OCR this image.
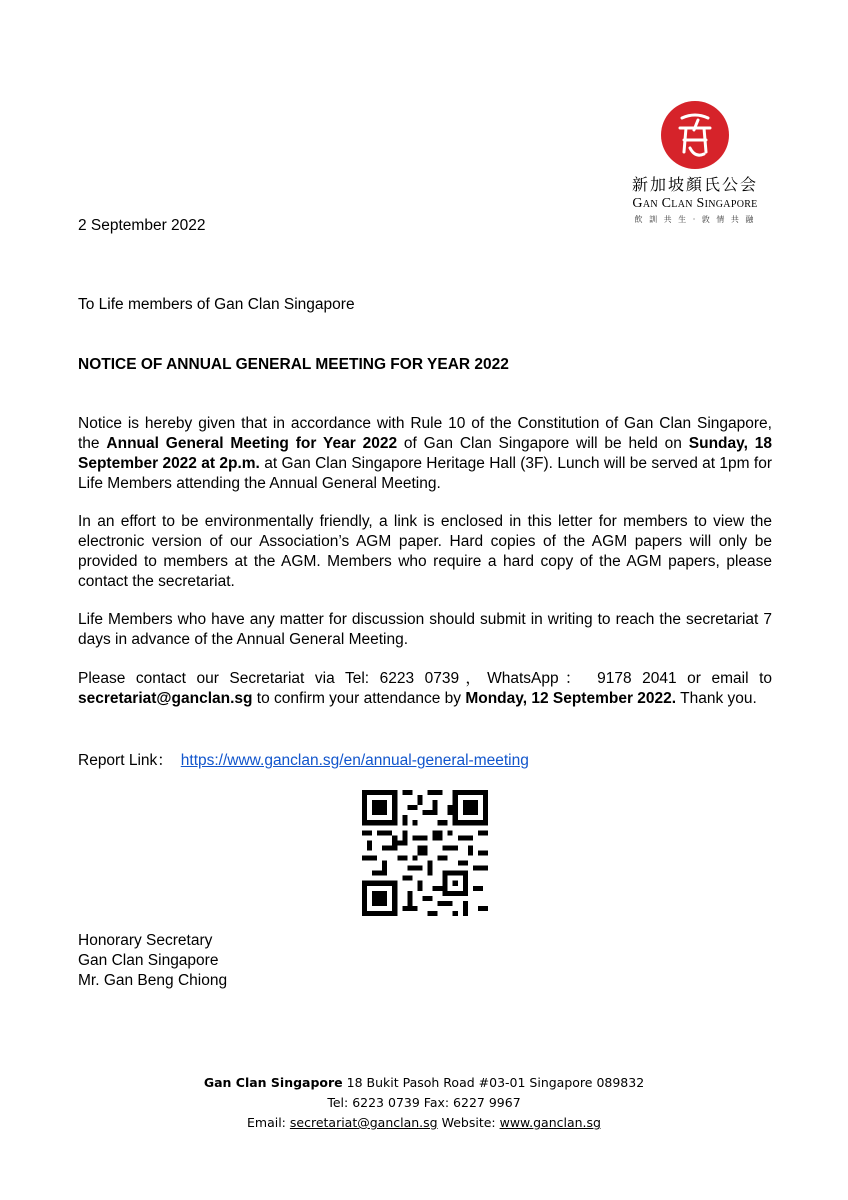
新加坡顏氏公会
Gan Clan Singapore
飲 訓 共 生 · 敦 情 共 融
2 September 2022
To Life members of Gan Clan Singapore
NOTICE OF ANNUAL GENERAL MEETING FOR YEAR 2022
Notice is hereby given that in accordance with Rule 10 of the Constitution of Gan Clan Singapore, the Annual General Meeting for Year 2022 of Gan Clan Singapore will be held on Sunday, 18 September 2022 at 2p.m. at Gan Clan Singapore Heritage Hall (3F). Lunch will be served at 1pm for Life Members attending the Annual General Meeting.
In an effort to be environmentally friendly, a link is enclosed in this letter for members to view the electronic version of our Association’s AGM paper. Hard copies of the AGM papers will only be provided to members at the AGM. Members who require a hard copy of the AGM papers, please contact the secretariat.
Life Members who have any matter for discussion should submit in writing to reach the secretariat 7 days in advance of the Annual General Meeting.
Please contact our Secretariat via Tel: 6223 0739，WhatsApp： 9178 2041 or email to secretariat@ganclan.sg to confirm your attendance by Monday, 12 September 2022. Thank you.
Report Link： https://www.ganclan.sg/en/annual-general-meeting
Honorary Secretary
Gan Clan Singapore
Mr. Gan Beng Chiong
Gan Clan Singapore 18 Bukit Pasoh Road #03-01 Singapore 089832
Tel: 6223 0739 Fax: 6227 9967
Email: secretariat@ganclan.sg Website: www.ganclan.sg
